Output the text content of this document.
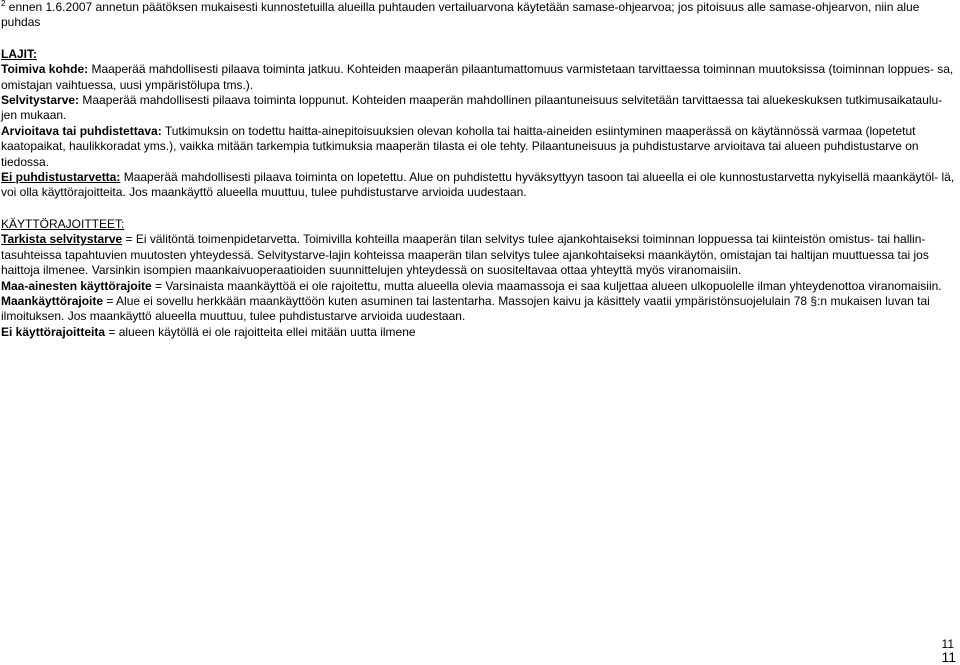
$^2$ ennen 1.6.2007 annetun päätöksen mukaisesti kunnostetuilla alueilla puhtauden vertailuarvona käytetään samase-ohjearvoa; jos pitoisuus alle samase-ohjearvon, niin alue puhdas

LAJIT:

Toimiva kohde: Maaperää mahdollisesti pilaava toiminta jatkuu. Kohteiden maaperän pilaantumattomuus varmistetaan tarvittaessa toiminnan muutoksissa (toiminnan loppues- sa, omistajan vaihtuessa, uusi ympäristölupa tms.).

Selvitystarve: Maaperää mahdollisesti pilaava toiminta loppunut. Kohteiden maaperän mahdollinen pilaantuneisuus selvitetään tarvittaessa tai aluekeskuksen tutkimusaikataulu- jen mukaan.

Arvioitava tai puhdistettava: Tutkimuksin on todettu haitta-ainepitoisuuksien olevan koholla tai haitta-aineiden esiintyminen maaperässä on käytännössä varmaa (lopetetut kaatopaikat, haulikkoradat yms.), vaikka mitään tarkempia tutkimuksia maaperän tilasta ei ole tehty. Pilaantuneisuus ja puhdistustarve arvioitava tai alueen puhdistustarve on tiedossa.

Ei puhdistustarvetta: Maaperää mahdollisesti pilaava toiminta on lopetettu. Alue on puhdistettu hyväksyttyyn tasoon tai alueella ei ole kunnostustarvetta nykyisellä maankäytöl- lä, voi olla käyttörajoitteita. Jos maankäyttö alueella muuttuu, tulee puhdistustarve arvioida uudestaan.

KÄYTTÖRAJOITTEET:

Tarkista selvitystarve = Ei välitöntä toimenpidetarvetta. Toimivilla kohteilla maaperän tilan selvitys tulee ajankohtaiseksi toiminnan loppuessa tai kiinteistön omistus- tai hallin- tasuhteissa tapahtuvien muutosten yhteydessä. Selvitystarve-lajin kohteissa maaperän tilan selvitys tulee ajankohtaiseksi maankäytön, omistajan tai haltijan muuttuessa tai jos haittoja ilmenee. Varsinkin isompien maankaivuoperaatioiden suunnittelujen yhteydessä on suositeltavaa ottaa yhteyttä myös viranomaisiin.

Maa-ainesten käyttörajoite = Varsinaista maankäyttöä ei ole rajoitettu, mutta alueella olevia maamassoja ei saa kuljettaa alueen ulkopuolelle ilman yhteydenottoa viranomaisiin.

Maankäyttörajoite = Alue ei sovellu herkkään maankäyttöön kuten asuminen tai lastentarha. Massojen kaivu ja käsittely vaatii ympäristönsuojelulain 78 §:n mukaisen luvan tai ilmoituksen. Jos maankäyttö alueella muuttuu, tulee puhdistustarve arvioida uudestaan.

Ei käyttörajoitteita = alueen käytöllä ei ole rajoitteita ellei mitään uutta ilmene

11
11
